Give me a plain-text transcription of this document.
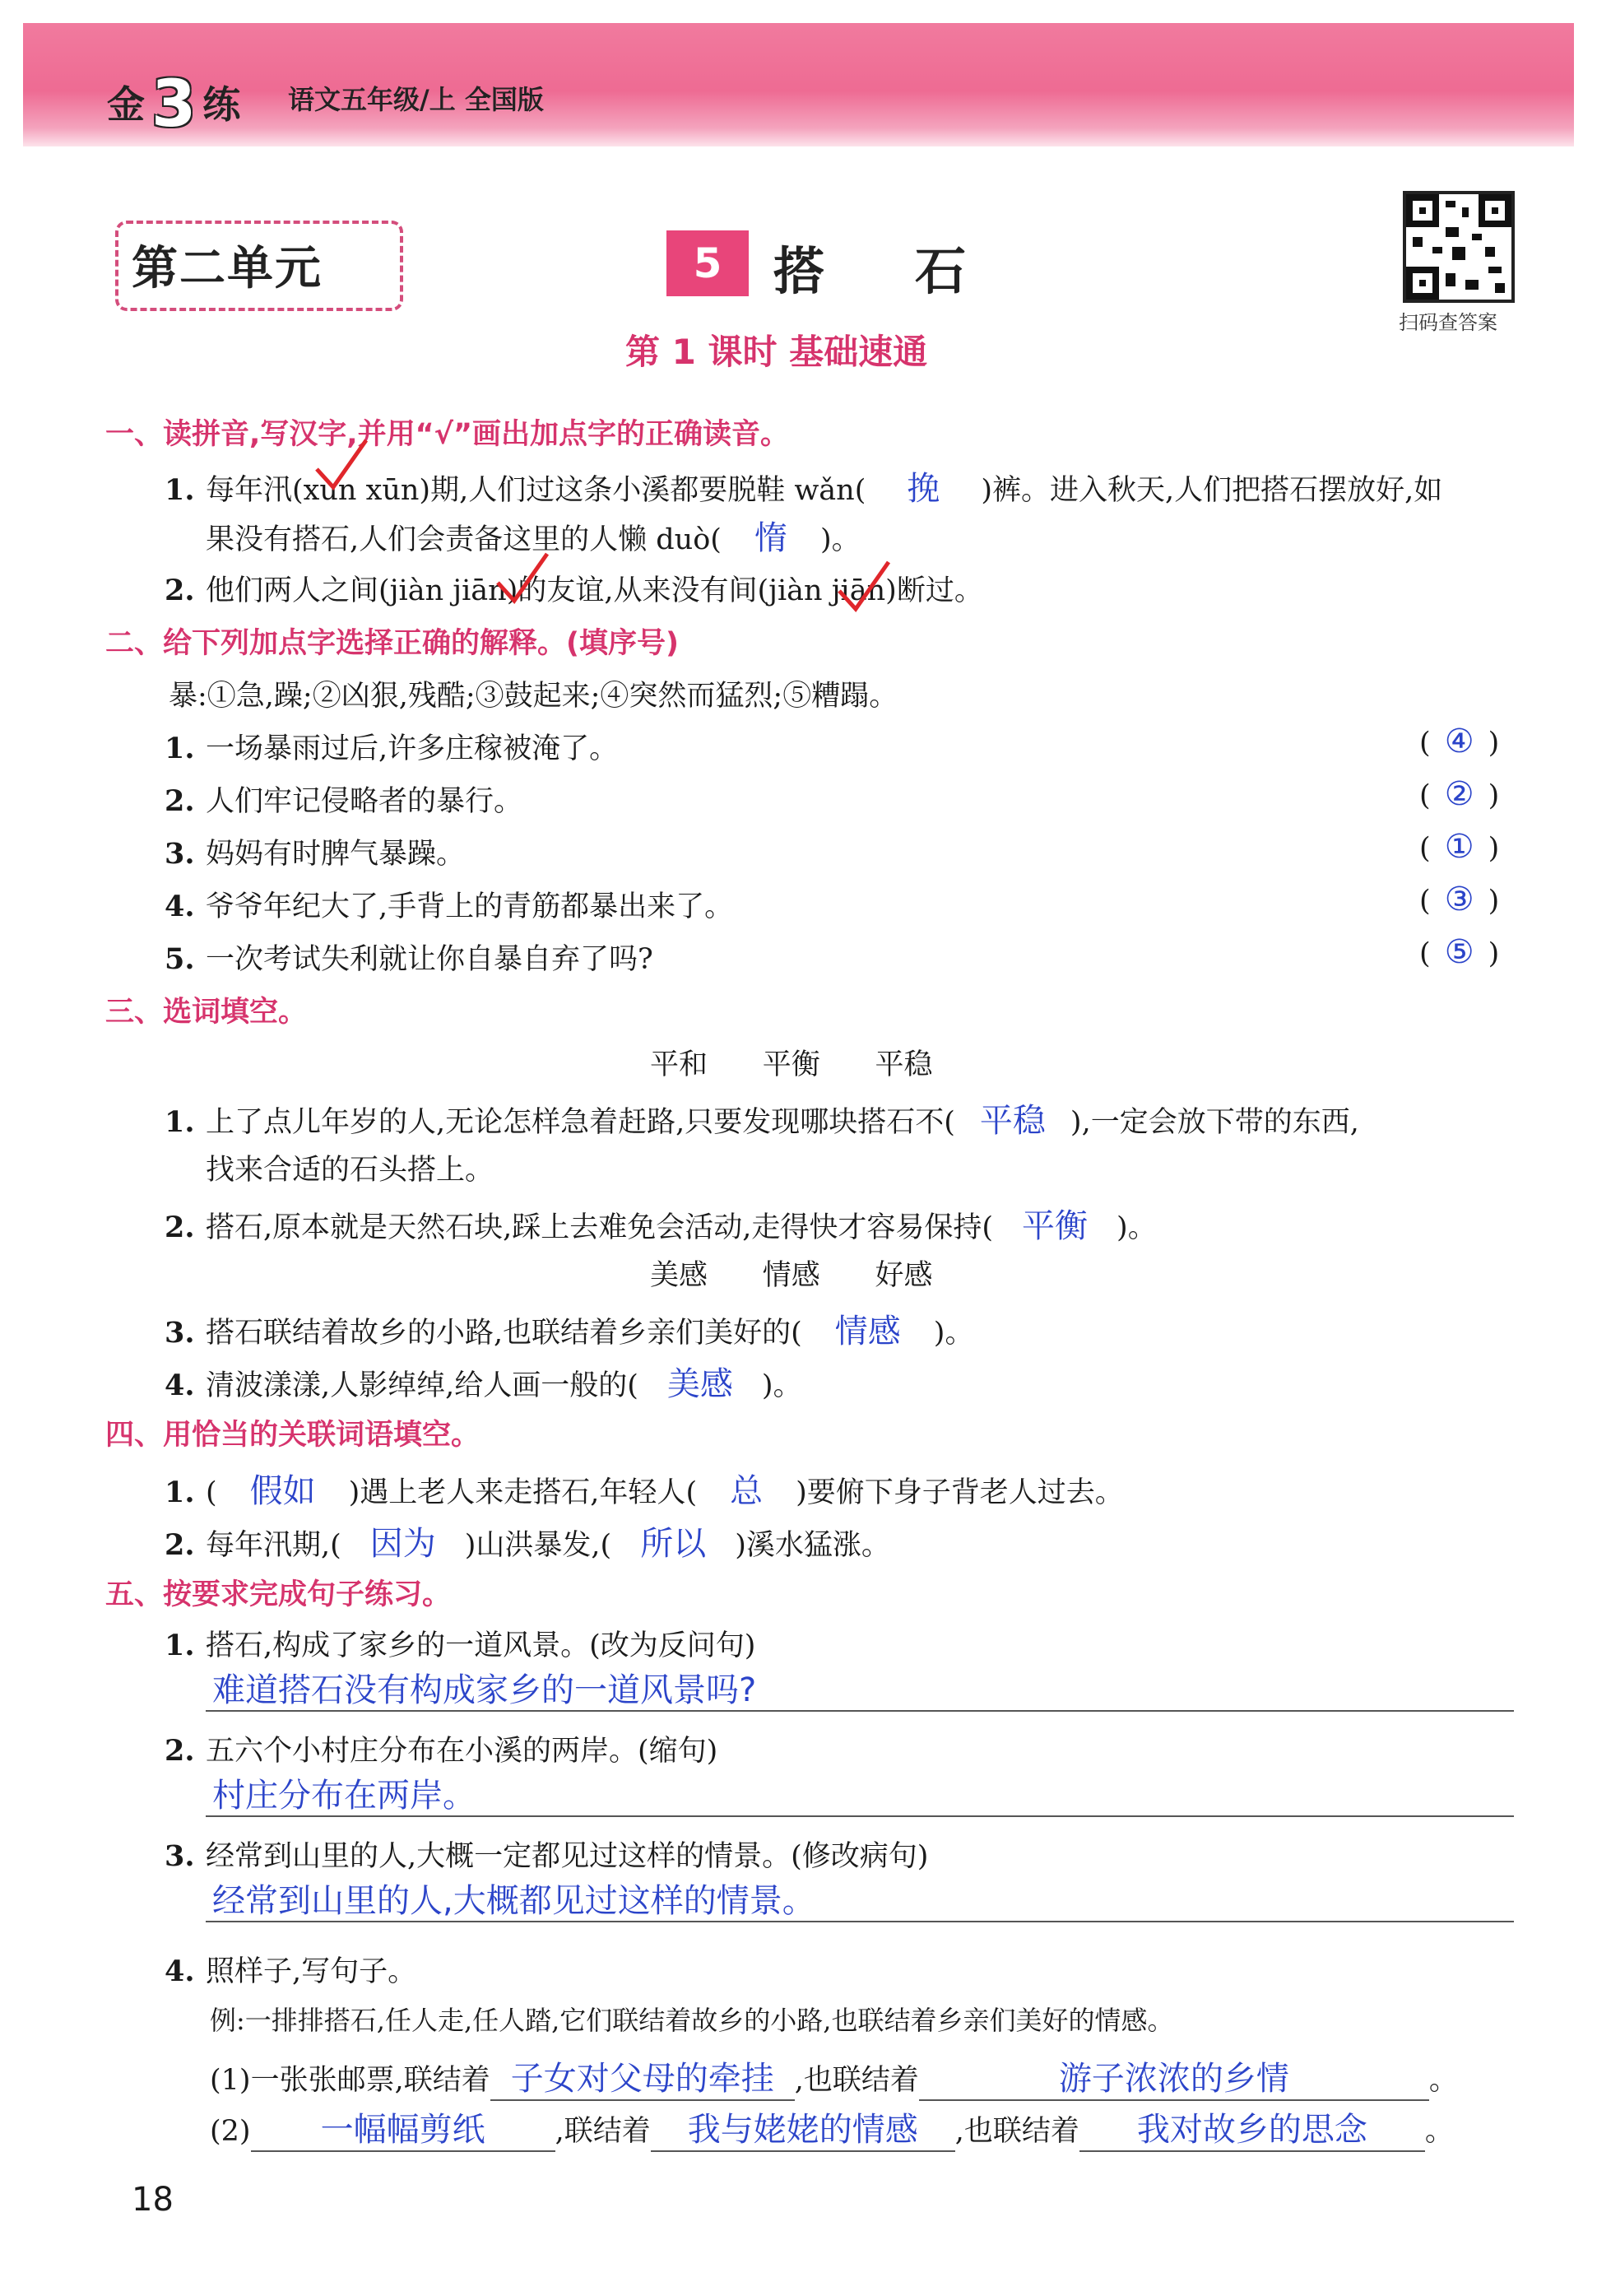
金 3 练 语文五年级/上 全国版
第二单元	5	搭石
扫码查答案
第 1 课时 基础速通
一、读拼音,写汉字,并用“√”画出加点字的正确读音。
1. 每年汛(xùn xūn)期,人们过这条小溪都要脱鞋 wǎn( 挽 )裤。进入秋天,人们把搭石摆放好,如
果没有搭石,人们会责备这里的人懒 duò( 惰 )。
2. 他们两人之间(jiàn jiān)的友谊,从来没有间(jiàn jiān)断过。
二、给下列加点字选择正确的解释。(填序号)
暴:①急,躁;②凶狠,残酷;③鼓起来;④突然而猛烈;⑤糟蹋。
1. 一场暴雨过后,许多庄稼被淹了。	( ④ )
2. 人们牢记侵略者的暴行。	( ② )
3. 妈妈有时脾气暴躁。	( ① )
4. 爷爷年纪大了,手背上的青筋都暴出来了。	( ③ )
5. 一次考试失利就让你自暴自弃了吗?	( ⑤ )
三、选词填空。
平和      平衡      平稳
1. 上了点儿年岁的人,无论怎样急着赶路,只要发现哪块搭石不( 平稳 ),一定会放下带的东西,
找来合适的石头搭上。
2. 搭石,原本就是天然石块,踩上去难免会活动,走得快才容易保持( 平衡 )。
美感      情感      好感
3. 搭石联结着故乡的小路,也联结着乡亲们美好的( 情感 )。
4. 清波漾漾,人影绰绰,给人画一般的( 美感 )。
四、用恰当的关联词语填空。
1. ( 假如 )遇上老人来走搭石,年轻人( 总 )要俯下身子背老人过去。
2. 每年汛期,( 因为 )山洪暴发,( 所以 )溪水猛涨。
五、按要求完成句子练习。
1. 搭石,构成了家乡的一道风景。(改为反问句)
难道搭石没有构成家乡的一道风景吗?
2. 五六个小村庄分布在小溪的两岸。(缩句)
村庄分布在两岸。
3. 经常到山里的人,大概一定都见过这样的情景。(修改病句)
经常到山里的人,大概都见过这样的情景。
4. 照样子,写句子。
例:一排排搭石,任人走,任人踏,它们联结着故乡的小路,也联结着乡亲们美好的情感。
(1)一张张邮票,联结着 子女对父母的牵挂 ,也联结着	游子浓浓的乡情	。
(2) 一幅幅剪纸 ,联结着 我与姥姥的情感 ,也联结着 我对故乡的思念 。
18
